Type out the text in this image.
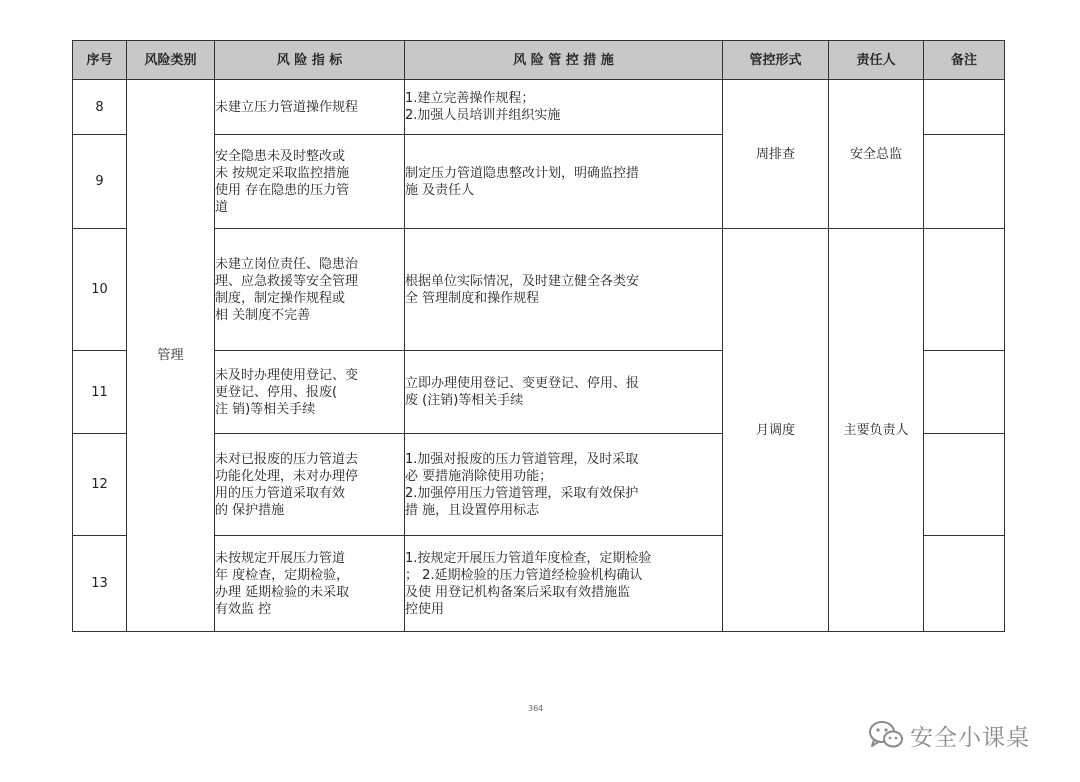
序号	风险类别	风 险 指 标	风 险 管 控 措 施	管控形式	责任人	备注
8	管理	未建立压力管道操作规程	1.建立完善操作规程；
2.加强人员培训并组织实施	周排查	安全总监	
9		安全隐患未及时整改或
未 按规定采取监控措施
使用 存在隐患的压力管
道	制定压力管道隐患整改计划，明确监控措
施 及责任人			

10		未建立岗位责任、隐患治
理、应急救援等安全管理
制度，制定操作规程或
相 关制度不完善	根据单位实际情况，及时建立健全各类安
全 管理制度和操作规程	月调度	主要负责人	
11		未及时办理使用登记、变
更登记、停用、报废(
注 销)等相关手续	立即办理使用登记、变更登记、停用、报
废 (注销)等相关手续			

12		未对已报废的压力管道去
功能化处理，未对办理停
用的压力管道采取有效
的 保护措施	1.加强对报废的压力管道管理，及时采取
必 要措施消除使用功能；
2.加强停用压力管道管理，采取有效保护
措 施，且设置停用标志			

13		未按规定开展压力管道
年 度检查，定期检验，
办理 延期检验的未采取
有效监 控	1.按规定开展压力管道年度检查，定期检验
； 2.延期检验的压力管道经检验机构确认
及使 用登记机构备案后采取有效措施监
控使用			

364
安全小课桌
